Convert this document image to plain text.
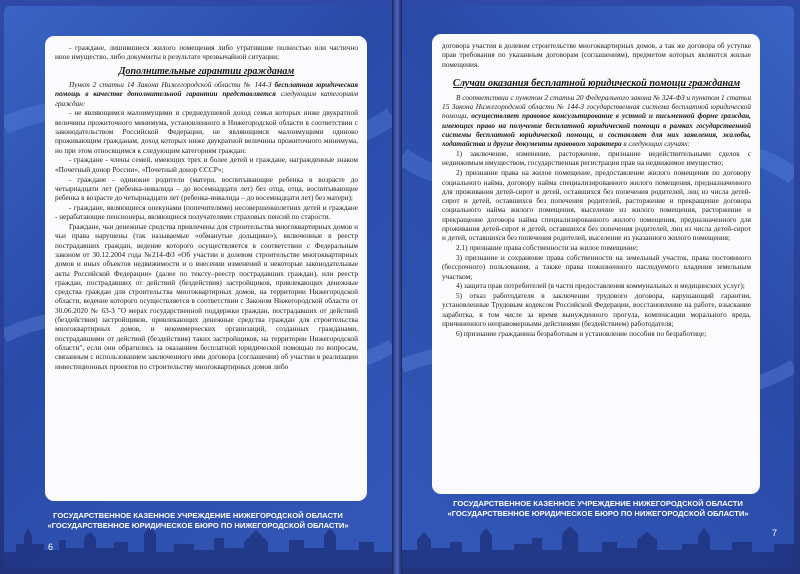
- граждане, лишившиеся жилого помещения либо утратившие полностью или частично иное имущество, либо документы в результате чрезвычайной ситуации;

Дополнительные гарантии гражданам

Пункт 2 статьи 14 Закона Нижегородской области № 144-З бесплатная юридическая помощь в качестве дополнительной гарантии представляется следующим категориям граждан:

- не являющимся малоимущими и среднедушевой доход семьи которых ниже двукратной величины прожиточного минимума, установленного в Нижегородской области в соответствии с законодательством Российской Федерации, не являющимся малоимущими одиноко проживающим гражданам, доход которых ниже двукратной величины прожиточного минимума, но при этом относящимся к следующим категориям граждан:

- граждане - члены семей, имеющих трех и более детей и граждане, награжденные знаком «Почетный донор России», «Почетный донор СССР»;

- граждане - одинокие родители (матери, воспитывающие ребенка в возрасте до четырнадцати лет (ребенка-инвалида – до восемнадцати лет) без отца, отца, воспитывающие ребенка в возрасте до четырнадцати лет (ребенка-инвалида – до восемнадцати лет) без матери);

- граждане, являющиеся опекунами (попечителями) несовершеннолетних детей и граждане - нерабатающие пенсионеры, являющиеся получателями страховых пенсий по старости.

Граждане, чьи денежные средства привлечены для строительства многоквартирных домов и чьи права нарушены (так называемые «обманутые дольщики»), включенные в реестр пострадавших граждан, ведение которого осуществляется в соответствии с Федеральным законом от 30.12.2004 года №214-ФЗ «Об участии в долевом строительстве многоквартирных домов и иных объектов недвижимости и о внесении изменений в некоторые законодательные акты Российской Федерации» (далее по тексту–реестр пострадавших граждан), или реестр граждан, пострадавших от действий (бездействия) застройщиков, привлекающих денежные средства граждан для строительства многоквартирных домов, на территории Нижегородской области, ведение которого осуществляется в соответствии с Законом Нижегородской области от 30.06.2020 № 63-З "О мерах государственной поддержки граждан, пострадавших от действий (бездействия) застройщиков, привлекающих денежные средства граждан для строительства многоквартирных домов, и некоммерческих организаций, созданных гражданами, пострадавшими от действий (бездействия) таких застройщиков, на территории Нижегородской области", если они обратились за оказанием бесплатной юридической помощью по вопросам, связанным с использованием заключенного ими договора (соглашения) об участии в реализации инвестиционных проектов по строительству многоквартирных домов либо

ГОСУДАРСТВЕННОЕ КАЗЕННОЕ УЧРЕЖДЕНИЕ НИЖЕГОРОДСКОЙ ОБЛАСТИ
«ГОСУДАРСТВЕННОЕ ЮРИДИЧЕСКОЕ БЮРО ПО НИЖЕГОРОДСКОЙ ОБЛАСТИ»
6

договора участия в долевом строительстве многоквартирных домов, а так же договора об уступке прав требования по указанным договорам (соглашениям), предметом которых являются жилые помещения.

Случаи оказания бесплатной юридической помощи гражданам

В соответствии с пунктом 2 статьи 20 Федерального закона № 324-ФЗ и пунктом 1 статьи 15 Закона Нижегородской области № 144-З государственная система бесплатной юридической помощи, осуществляет правовое консультирование в устной и письменной форме граждан, имеющих право на получение бесплатной юридической помощи в рамках государственной системы бесплатной юридической помощи, и составляет для них заявления, жалобы, ходатайства и другие документы правового характера в следующих случаях:

1) заключение, изменение, расторжение, признание недействительными сделок с недвижимым имуществом, государственная регистрация прав на недвижимое имущество;

2) признание права на жилое помещение, предоставление жилого помещения по договору социального найма, договору найма специализированного жилого помещения, предназначенного для проживания детей-сирот и детей, оставшихся без попечения родителей, лиц из числа детей-сирот и детей, оставшихся без попечения родителей, расторжение и прекращение договора социального найма жилого помещения, выселение из жилого помещения, расторжение и прекращение договора найма специализированного жилого помещения, предназначенного для проживания детей-сирот и детей, оставшихся без попечения родителей, лиц из числа детей-сирот и детей, оставшихся без попечения родителей, выселение из указанного жилого помещения;

2.1) признание права собственности на жилое помещение;

3) признание и сохранение права собственности на земельный участок, права постоянного (бессрочного) пользования, а также права пожизненного наследуемого владения земельным участком;

4) защита прав потребителей (в части предоставления коммунальных и медицинских услуг);

5) отказ работодателя в заключении трудового договора, нарушающий гарантии, установленные Трудовым кодексом Российской Федерации, восстановление на работе, взыскание заработка, в том числе за время вынужденного прогула, компенсации морального вреда, причиненного неправомерными действиями (бездействием) работодателя;

6) признание гражданина безработным и установление пособия по безработице;

ГОСУДАРСТВЕННОЕ КАЗЕННОЕ УЧРЕЖДЕНИЕ НИЖЕГОРОДСКОЙ ОБЛАСТИ
«ГОСУДАРСТВЕННОЕ ЮРИДИЧЕСКОЕ БЮРО ПО НИЖЕГОРОДСКОЙ ОБЛАСТИ»
7
